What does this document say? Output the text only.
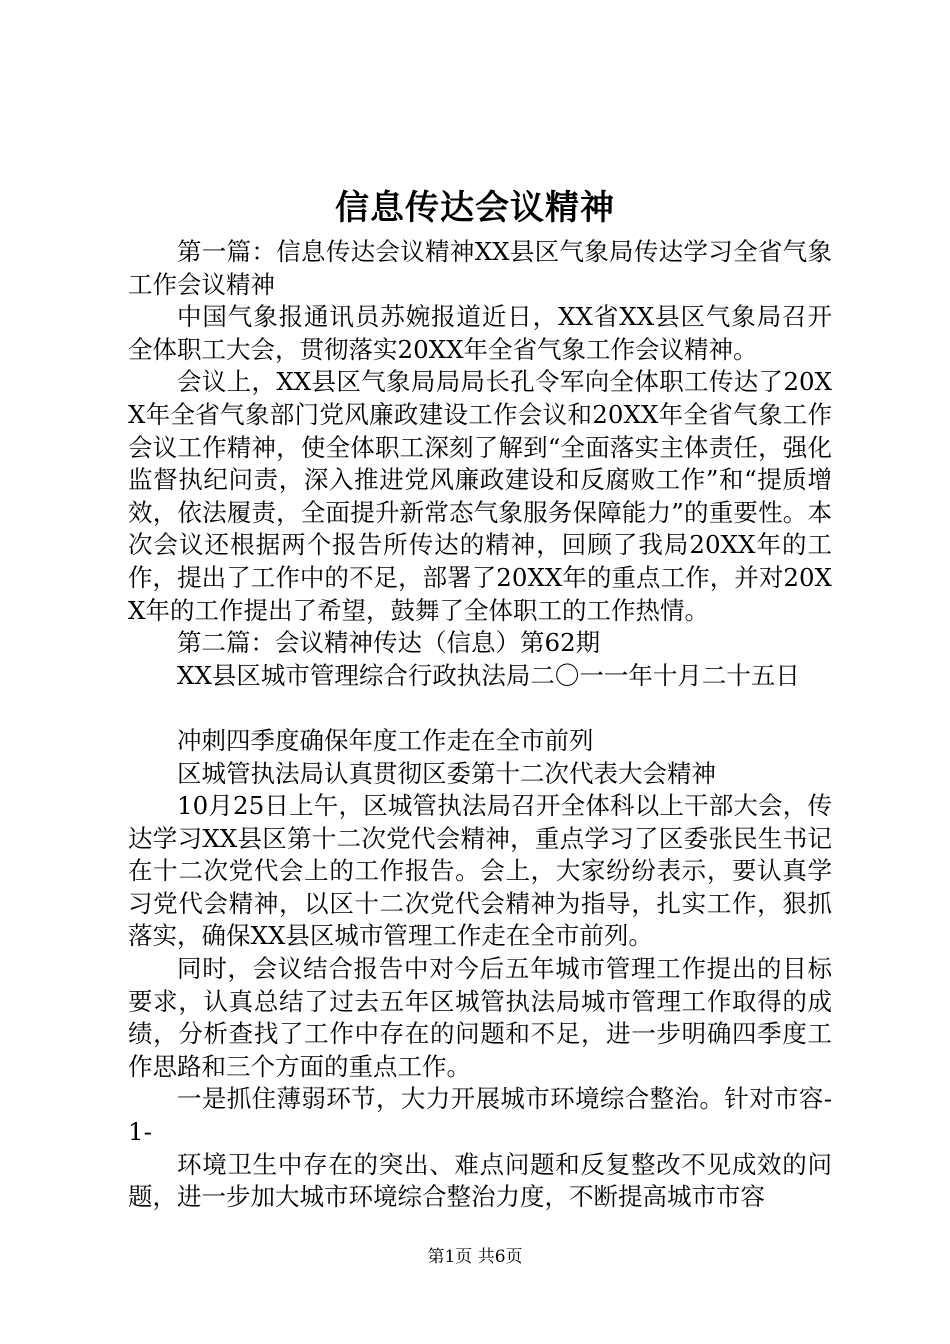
信息传达会议精神

第一篇：信息传达会议精神XX县区气象局传达学习全省气象工作会议精神

中国气象报通讯员苏婉报道近日，XX省XX县区气象局召开全体职工大会，贯彻落实20XX年全省气象工作会议精神。

会议上，XX县区气象局局局长孔令军向全体职工传达了20XX年全省气象部门党风廉政建设工作会议和20XX年全省气象工作会议工作精神，使全体职工深刻了解到“全面落实主体责任，强化监督执纪问责，深入推进党风廉政建设和反腐败工作”和“提质增效，依法履责，全面提升新常态气象服务保障能力”的重要性。本次会议还根据两个报告所传达的精神，回顾了我局20XX年的工作，提出了工作中的不足，部署了20XX年的重点工作，并对20XX年的工作提出了希望，鼓舞了全体职工的工作热情。

第二篇：会议精神传达（信息）第62期

XX县区城市管理综合行政执法局二〇一一年十月二十五日

冲刺四季度确保年度工作走在全市前列

区城管执法局认真贯彻区委第十二次代表大会精神

10月25日上午，区城管执法局召开全体科以上干部大会，传达学习XX县区第十二次党代会精神，重点学习了区委张民生书记在十二次党代会上的工作报告。会上，大家纷纷表示，要认真学习党代会精神，以区十二次党代会精神为指导，扎实工作，狠抓落实，确保XX县区城市管理工作走在全市前列。

同时，会议结合报告中对今后五年城市管理工作提出的目标要求，认真总结了过去五年区城管执法局城市管理工作取得的成绩，分析查找了工作中存在的问题和不足，进一步明确四季度工作思路和三个方面的重点工作。

一是抓住薄弱环节，大力开展城市环境综合整治。针对市容-1-

环境卫生中存在的突出、难点问题和反复整改不见成效的问题，进一步加大城市环境综合整治力度，不断提高城市市容

第1页 共6页
